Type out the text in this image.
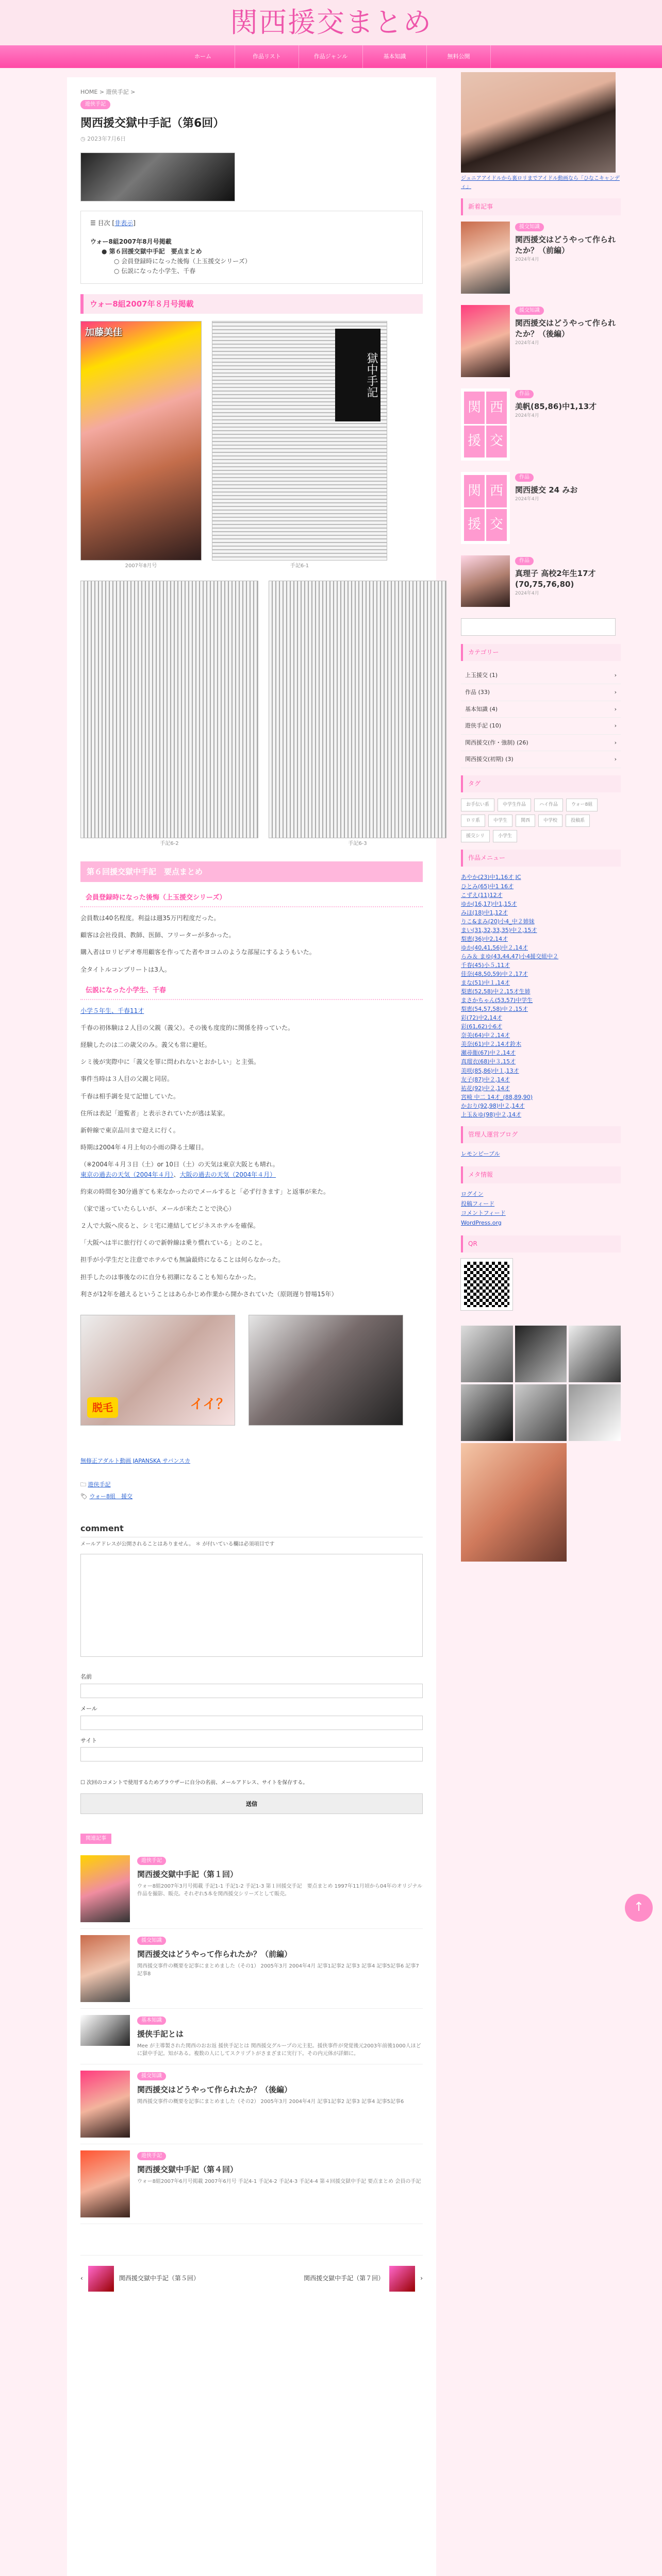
関西援交まとめ
ホーム	作品リスト	作品ジャンル	基本知識	無料公開
HOME > 遊侠手記 >
遊侠手記
関西援交獄中手記（第6回）
◷ 2023年7月6日
☰ 目次 [非表示]
ウォー8組2007年8月号掲載
● 第６回援交獄中手記　要点まとめ
○ 会員登録時になった後悔（上玉援交シリーズ）
○ 伝説になった小学生、千春
ウォー8組2007年８月号掲載
加藤美佳
2007年8月号
獄中手記
手記6-1
手記6-2	手記6-3
第６回援交獄中手記　要点まとめ
会員登録時になった後悔（上玉援交シリーズ）

会員数は40名程度。利益は週35万円程度だった。

顧客は会社役員、教師、医師、フリーターが多かった。

購入者はロリピデオ専用顧客を作ってた者やヨコムのような部屋にするようもいた。

全タイトルコンプリートは3人。

伝説になった小学生、千春

小学５年生、千春11才

千春の初体験は２人目の父親（義父）。その後も度度的に関係を持っていた。

経験したのは二の歳父のみ。義父も常に避妊。

シミ後が実際中に「義父を罪に問われないとおかしい」と主張。

事件当時は３人目の父親と同居。

千春は相手調を見て記憶していた。

住所は表記「遊覧者」と表示されていたが逃は某家。

新幹線で東京品川まで迎えに行く。

時期は2004年４月上旬の小雨の降る土曜日。

（※2004年４月３日（土）or 10日（土）の天気は東京大阪とも晴れ。

東京の過去の天気（2004年４月）、大阪の過去の天気（2004年４月）

約束の時間を30分過ぎても来なかったのでメールすると「必ず行きます」と返事が来た。

（家で迷っていたらしいが、メールが来たことで決心）

２人で大阪へ戻ると、シミ宅に連結してビジネスホテルを確保。

「大阪へは半に旅行行くので新幹線は乗り慣れている」とのこと。

担手が小学生だと注意でホテルでも無論最終になることは何らなかった。

担手したのは事後なのに自分も初潮になることも知らなかった。

利さが12年を越えるということはあらかじめ作業から開かされていた（原則遅り替場15年）

脱毛	イイ？
無修正アダルト動画 JAPANSKA サバンスカ
🗀 遊侠手記
🏷 ウォー8組　援交
comment
メールアドレスが公開されることはありません。 ＊ が付いている欄は必須項目です
名前
メール
サイト
☐ 次回のコメントで使用するためブラウザーに自分の名前、メールアドレス、サイトを保存する。
送信
関連記事
遊侠手記
関西援交獄中手記（第１回）
ウォー8組2007年3月号掲載 手記1-1 手記1-2 手記1-3 第１回援交手記　要点まとめ 1997年11月頃から04年のオリジナル作品を撮影、販売。それぞれ5本を関西援交シリーズとして販売。
援交知識
関西援交はどうやって作られたか？（前編）
関西援交事件の概要を記事にまとめました（その1） 2005年3月 2004年4月 記事1記事2 記事3 記事4 記事5記事6 記事7 記事8
基本知識
援侠手記とは
Mee が主導製された関西のおお返 援侠手記とは 関西援交グループの元主犯。援侠事件が発覚後元2003年前後1000人ほどに獄中手記。知がある。複数の人にしてスクリプトがさまざまに実行下。その内元体が詳細に。
援交知識
関西援交はどうやって作られたか？（後編）
関西援交事件の概要を記事にまとめました（その2） 2005年3月 2004年4月 記事1記事2 記事3 記事4 記事5記事6
遊侠手記
関西援交獄中手記（第４回）
ウォー8組2007年6月号掲載 2007年6月号 手記4-1 手記4-2 手記4-3 手記4-4 第４回援交獄中手記 要点まとめ 会員の手記
‹	関西援交獄中手記（第５回）	関西援交獄中手記（第７回）	›
ジュニアアイドルから裏ロリまでアイドル動画なら「ひなこキャンディ」
新着記事
援交知識
関西援交はどうやって作られたか？（前編）
2024年4月
援交知識
関西援交はどうやって作られたか？（後編）
2024年4月
関 西
援 交
作品
美帆(85,86)中1,13才
2024年4月
関 西
援 交
作品
関西援交 24 みお
2024年4月
作品
真理子 高校2年生17才(70,75,76,80)
2024年4月
カテゴリー
上玉援交 (1)	›
作品 (33)	›
基本知識 (4)	›
遊侠手記 (10)	›
関西援交(作・強制) (26)	›
関西援交(初期) (3)	›
タグ
お手伝い系	中学生作品	ハイ作品	ウォー8組
ロリ系	中学生	関西	中学校	投稿系
援交シリ	小学生
作品メニュー
あやか(23)中1,16才 JC
ひとみ(65)中1 16才
こずえ(11)12才
ゆか(16,17)中1,15才
みほ(18)中1,12才
りこ&まみ(20)小4_中２姉妹
まい(31,32,33,35)中２,15才
梨恵(36)中2,14才
ゆか(40,41,56)中２,14才
らみ＆ まゆ(43,44,47)小4援交組中２
千春(45)小５,11才
佳奈(48,50,59)中２,17才
まな(51)中１,14才
梨恵(52,58)中２,15才生姉
まさかちゃん(53,57)中学生
梨恵(54,57,58)中２,15才
彩(72)中2,14才
彩(61,62)小6才
奈美(64)中２,14才
美奈(61)中２,14才鈴木
瀬尋衞(67)中２,14才
真瑠衣(68)中３,15才
美咲(85,86)中１,13才
友子(87)中２,14才
祐花(92)中２,14才
宮崎 中二 14才_(88,89,90)
かおり(92,98)中２,14才
上玉＆ゆ(98)中２,14才
管理人運営ブログ
レモンピープル
メタ情報
ログイン
投稿フィード
コメントフィード
WordPress.org
QR
↑
